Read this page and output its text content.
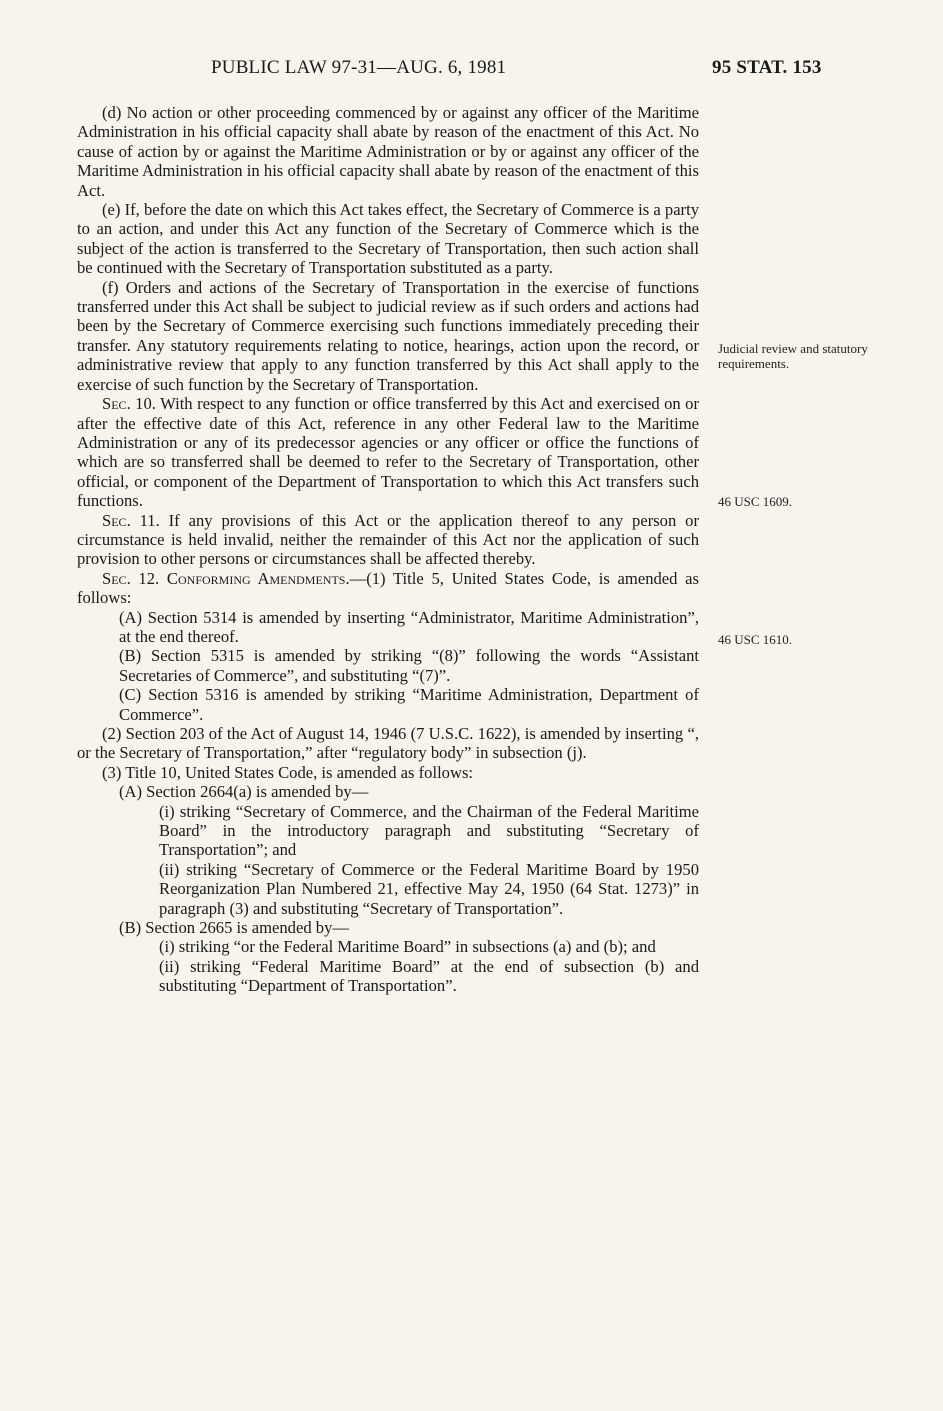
PUBLIC LAW 97-31—AUG. 6, 1981	95 STAT. 153
Judicial review and statutory requirements.
46 USC 1609.
46 USC 1610.

(d) No action or other proceeding commenced by or against any officer of the Maritime Administration in his official capacity shall abate by reason of the enactment of this Act. No cause of action by or against the Maritime Administration or by or against any officer of the Maritime Administration in his official capacity shall abate by reason of the enactment of this Act.

(e) If, before the date on which this Act takes effect, the Secretary of Commerce is a party to an action, and under this Act any function of the Secretary of Commerce which is the subject of the action is transferred to the Secretary of Transportation, then such action shall be continued with the Secretary of Transportation substituted as a party.

(f) Orders and actions of the Secretary of Transportation in the exercise of functions transferred under this Act shall be subject to judicial review as if such orders and actions had been by the Secretary of Commerce exercising such functions immediately preceding their transfer. Any statutory requirements relating to notice, hearings, action upon the record, or administrative review that apply to any function transferred by this Act shall apply to the exercise of such function by the Secretary of Transportation.

Sec. 10. With respect to any function or office transferred by this Act and exercised on or after the effective date of this Act, reference in any other Federal law to the Maritime Administration or any of its predecessor agencies or any officer or office the functions of which are so transferred shall be deemed to refer to the Secretary of Transportation, other official, or component of the Department of Transportation to which this Act transfers such functions.

Sec. 11. If any provisions of this Act or the application thereof to any person or circumstance is held invalid, neither the remainder of this Act nor the application of such provision to other persons or circumstances shall be affected thereby.

Sec. 12. Conforming Amendments.—(1) Title 5, United States Code, is amended as follows:

(A) Section 5314 is amended by inserting “Administrator, Maritime Administration”, at the end thereof.

(B) Section 5315 is amended by striking “(8)” following the words “Assistant Secretaries of Commerce”, and substituting “(7)”.

(C) Section 5316 is amended by striking “Maritime Administration, Department of Commerce”.

(2) Section 203 of the Act of August 14, 1946 (7 U.S.C. 1622), is amended by inserting “, or the Secretary of Transportation,” after “regulatory body” in subsection (j).

(3) Title 10, United States Code, is amended as follows:

(A) Section 2664(a) is amended by—

(i) striking “Secretary of Commerce, and the Chairman of the Federal Maritime Board” in the introductory paragraph and substituting “Secretary of Transportation”; and

(ii) striking “Secretary of Commerce or the Federal Maritime Board by 1950 Reorganization Plan Numbered 21, effective May 24, 1950 (64 Stat. 1273)” in paragraph (3) and substituting “Secretary of Transportation”.

(B) Section 2665 is amended by—

(i) striking “or the Federal Maritime Board” in subsections (a) and (b); and

(ii) striking “Federal Maritime Board” at the end of subsection (b) and substituting “Department of Transportation”.
